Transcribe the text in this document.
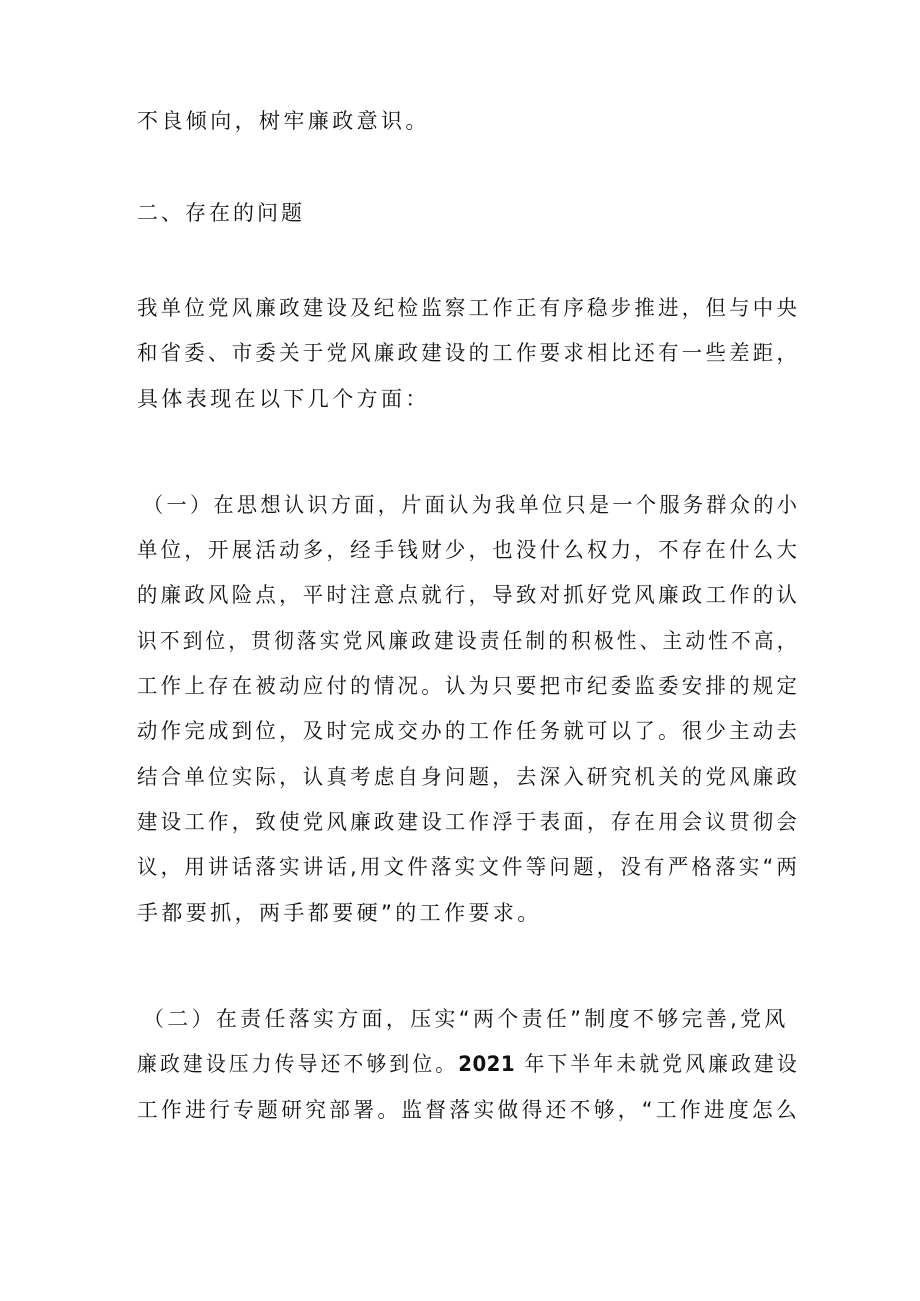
不良倾向，树牢廉政意识。
二、存在的问题
我单位党风廉政建设及纪检监察工作正有序稳步推进，但与中央
和省委、市委关于党风廉政建设的工作要求相比还有一些差距，
具体表现在以下几个方面：
（一）在思想认识方面，片面认为我单位只是一个服务群众的小
单位，开展活动多，经手钱财少，也没什么权力，不存在什么大
的廉政风险点，平时注意点就行，导致对抓好党风廉政工作的认
识不到位，贯彻落实党风廉政建设责任制的积极性、主动性不高，
工作上存在被动应付的情况。认为只要把市纪委监委安排的规定
动作完成到位，及时完成交办的工作任务就可以了。很少主动去
结合单位实际，认真考虑自身问题，去深入研究机关的党风廉政
建设工作，致使党风廉政建设工作浮于表面，存在用会议贯彻会
议，用讲话落实讲话,用文件落实文件等问题，没有严格落实“两
手都要抓，两手都要硬”的工作要求。
（二）在责任落实方面，压实“两个责任”制度不够完善,党风
廉政建设压力传导还不够到位。2021 年下半年未就党风廉政建设
工作进行专题研究部署。监督落实做得还不够，“工作进度怎么
